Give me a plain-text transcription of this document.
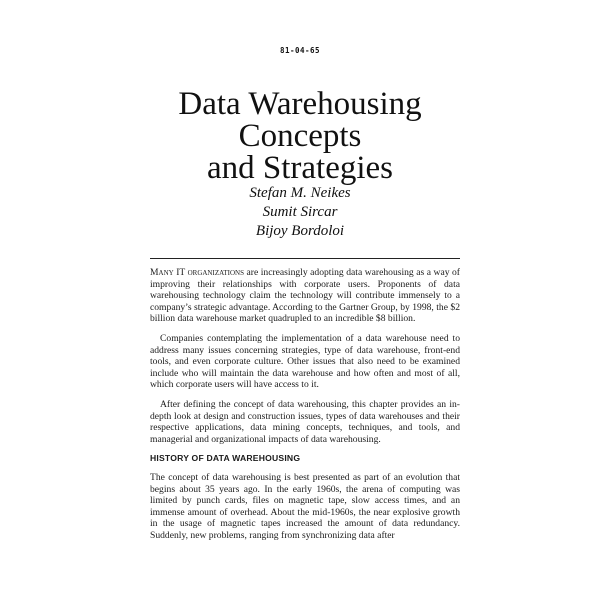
81-04-65
Data Warehousing
Concepts
and Strategies
Stefan M. Neikes
Sumit Sircar
Bijoy Bordoloi

Many IT organizations are increasingly adopting data warehousing as a way of improving their relationships with corporate users. Proponents of data warehousing technology claim the technology will contribute immensely to a company’s strategic advantage. According to the Gartner Group, by 1998, the $2 billion data warehouse market quadrupled to an incredible $8 billion.

Companies contemplating the implementation of a data warehouse need to address many issues concerning strategies, type of data warehouse, front-end tools, and even corporate culture. Other issues that also need to be examined include who will maintain the data warehouse and how often and most of all, which corporate users will have access to it.

After defining the concept of data warehousing, this chapter provides an in-depth look at design and construction issues, types of data warehouses and their respective applications, data mining concepts, techniques, and tools, and managerial and organizational impacts of data warehousing.

HISTORY OF DATA WAREHOUSING

The concept of data warehousing is best presented as part of an evolution that begins about 35 years ago. In the early 1960s, the arena of computing was limited by punch cards, files on magnetic tape, slow access times, and an immense amount of overhead. About the mid-1960s, the near explosive growth in the usage of magnetic tapes increased the amount of data redundancy. Suddenly, new problems, ranging from synchronizing data after
